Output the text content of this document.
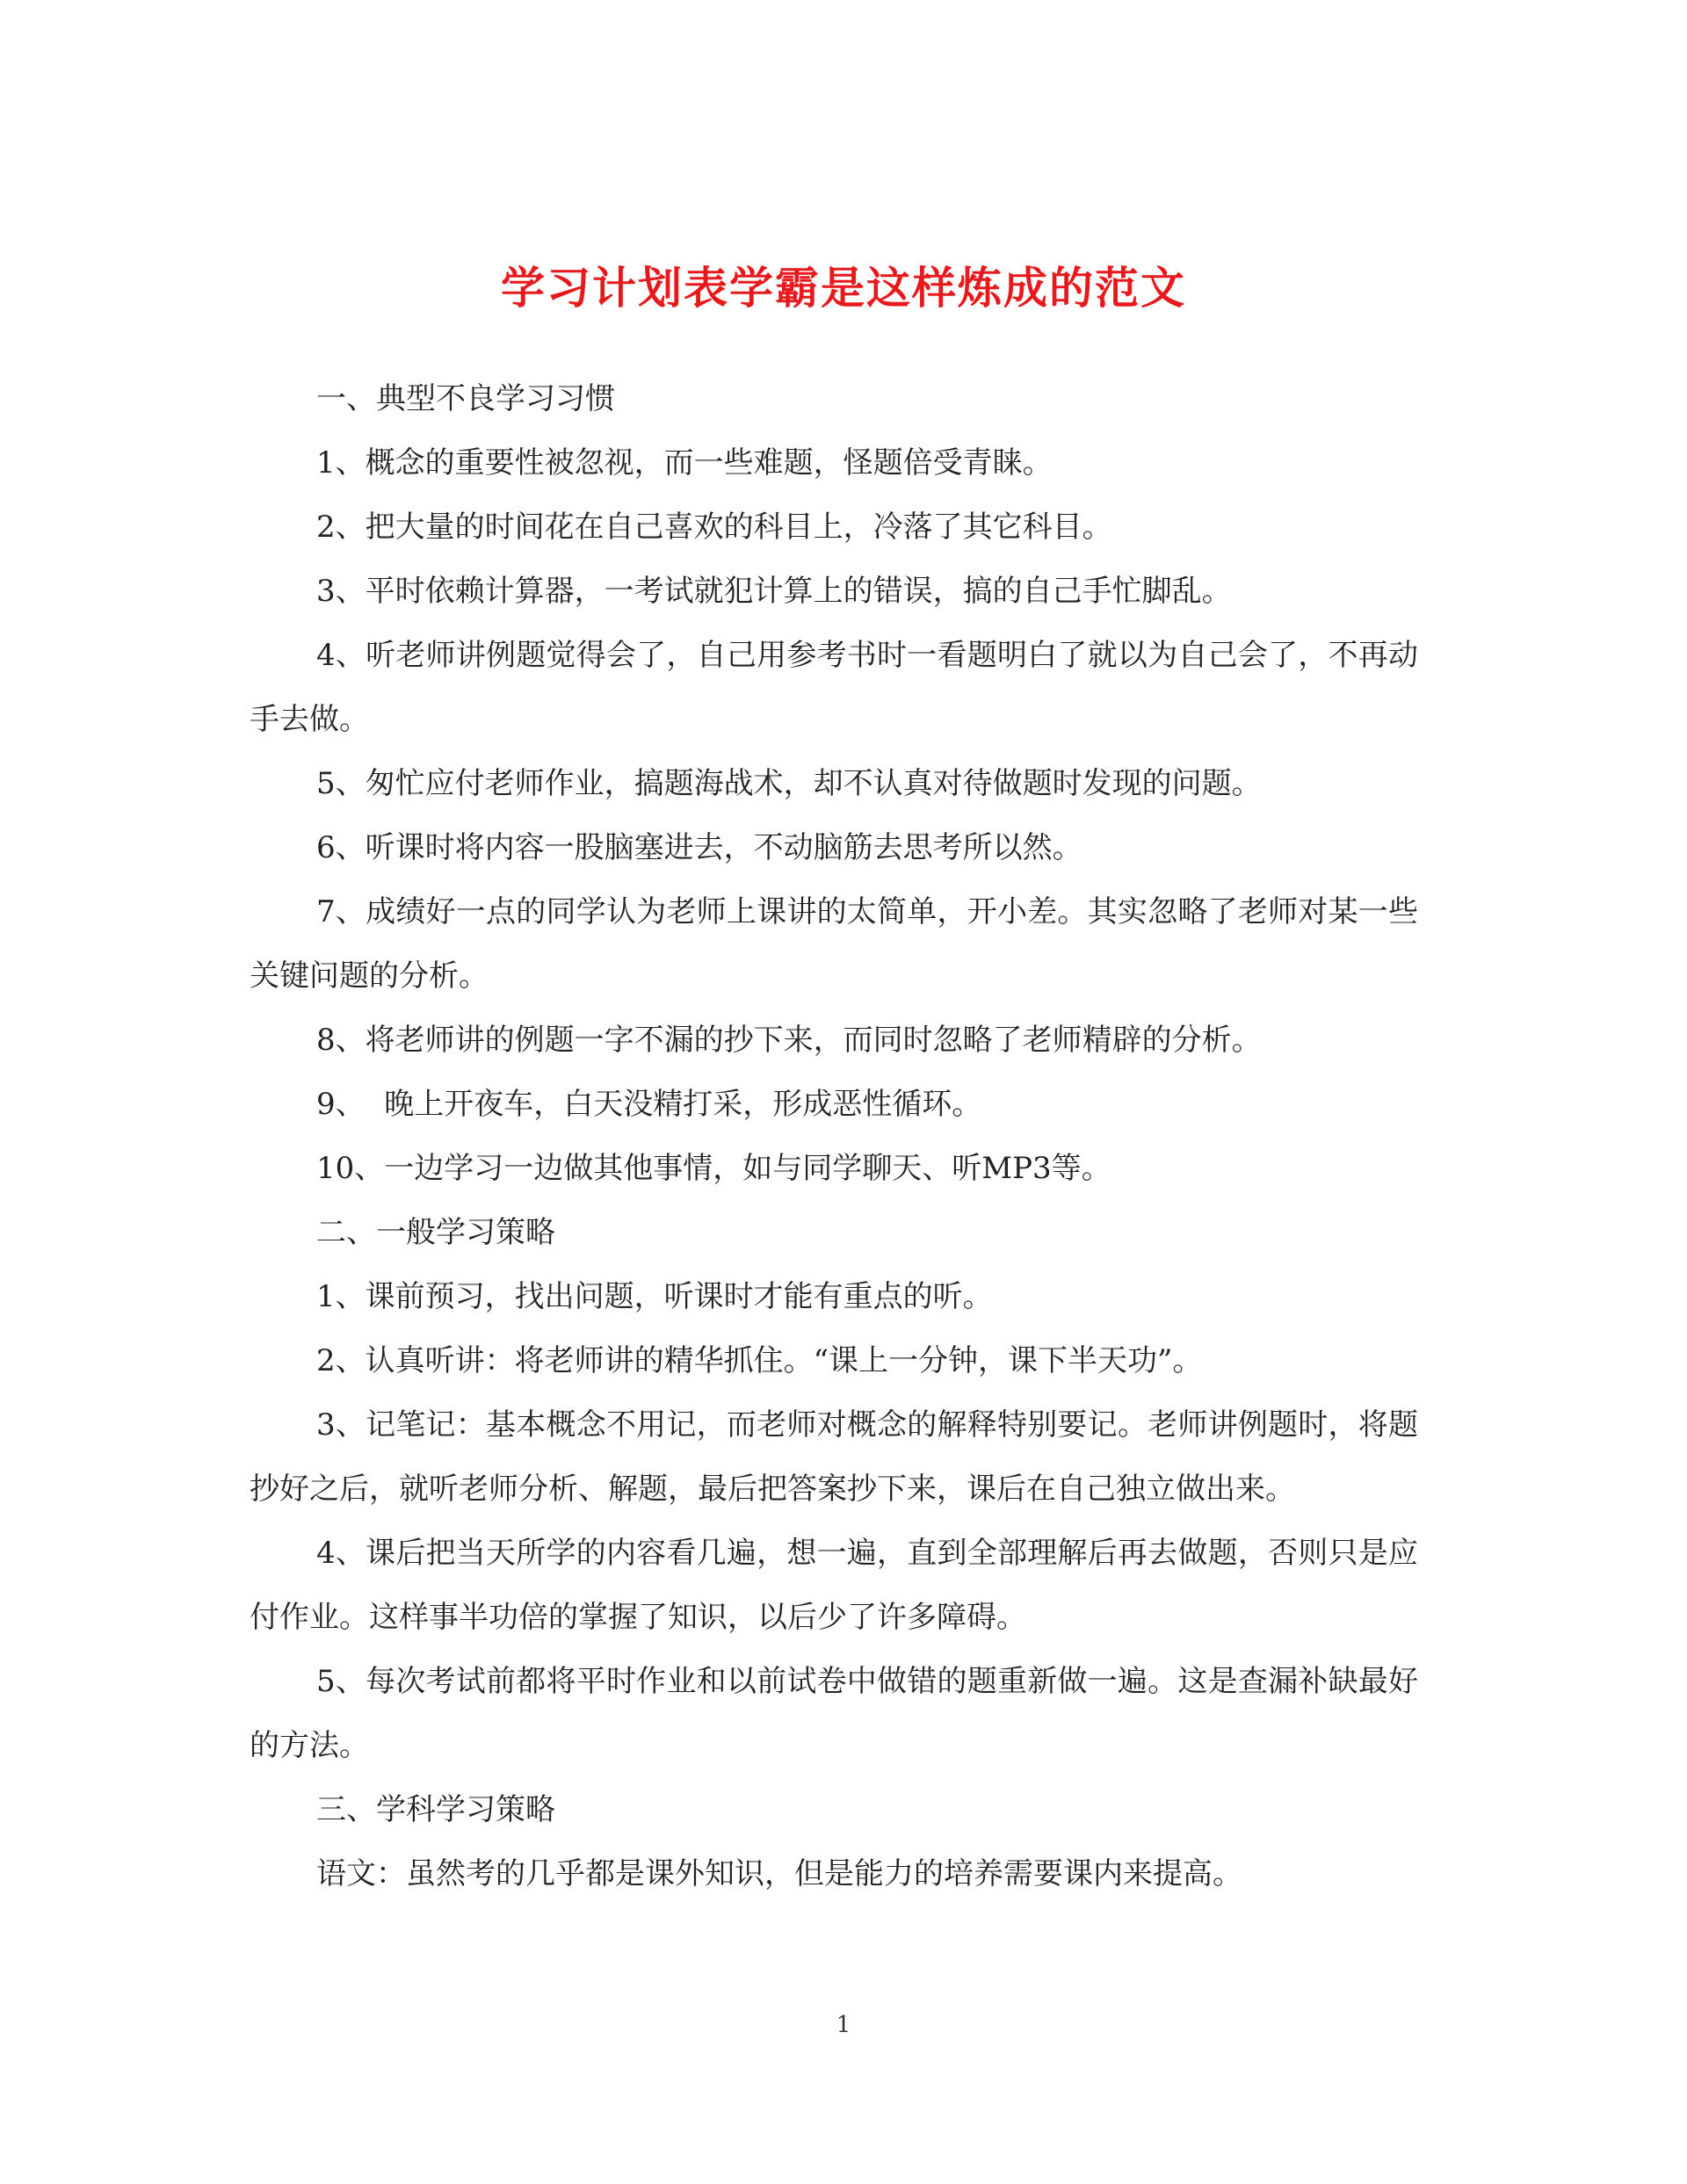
学习计划表学霸是这样炼成的范文

一、典型不良学习习惯

1、概念的重要性被忽视，而一些难题，怪题倍受青睐。

2、把大量的时间花在自己喜欢的科目上，冷落了其它科目。

3、平时依赖计算器，一考试就犯计算上的错误，搞的自己手忙脚乱。

4、听老师讲例题觉得会了，自己用参考书时一看题明白了就以为自己会了，不再动手去做。

5、匆忙应付老师作业，搞题海战术，却不认真对待做题时发现的问题。

6、听课时将内容一股脑塞进去，不动脑筋去思考所以然。

7、成绩好一点的同学认为老师上课讲的太简单，开小差。其实忽略了老师对某一些关键问题的分析。

8、将老师讲的例题一字不漏的抄下来，而同时忽略了老师精辟的分析。

9、  晚上开夜车，白天没精打采，形成恶性循环。

10、一边学习一边做其他事情，如与同学聊天、听MP3等。

二、一般学习策略

1、课前预习，找出问题，听课时才能有重点的听。

2、认真听讲：将老师讲的精华抓住。“课上一分钟，课下半天功”。

3、记笔记：基本概念不用记，而老师对概念的解释特别要记。老师讲例题时，将题抄好之后，就听老师分析、解题，最后把答案抄下来，课后在自己独立做出来。

4、课后把当天所学的内容看几遍，想一遍，直到全部理解后再去做题，否则只是应付作业。这样事半功倍的掌握了知识，以后少了许多障碍。

5、每次考试前都将平时作业和以前试卷中做错的题重新做一遍。这是查漏补缺最好的方法。

三、学科学习策略

语文：虽然考的几乎都是课外知识，但是能力的培养需要课内来提高。

1
